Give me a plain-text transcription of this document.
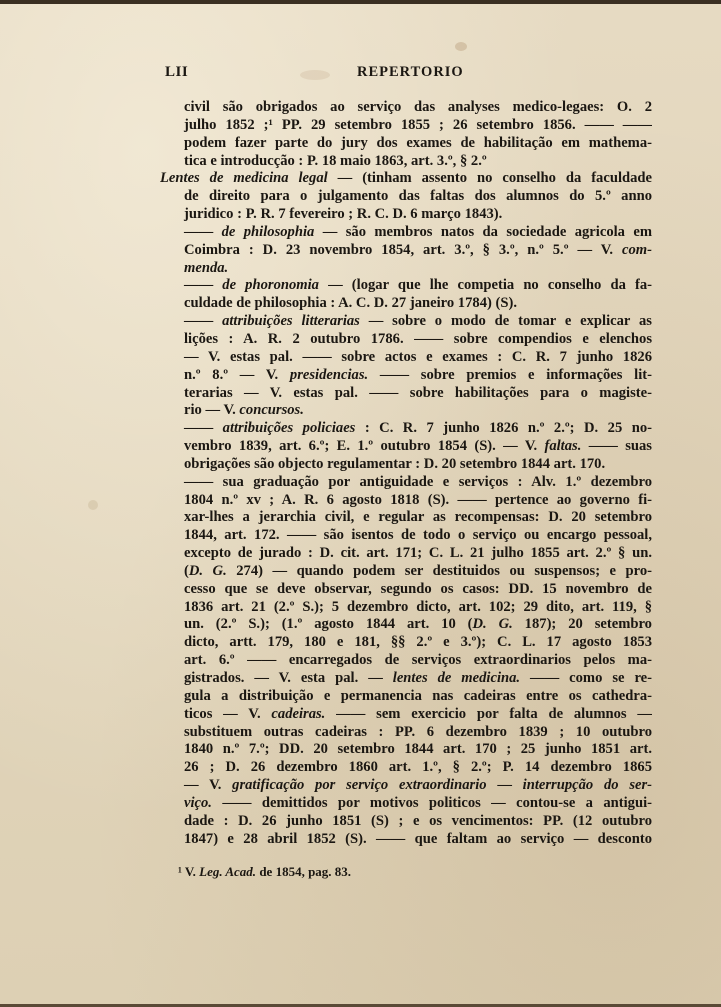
LII	REPERTORIO
civil são obrigados ao serviço das analyses medico-legaes: O. 2
julho 1852 ;¹ PP. 29 setembro 1855 ; 26 setembro 1856. —— ——
podem fazer parte do jury dos exames de habilitação em mathema-
tica e introducção : P. 18 maio 1863, art. 3.º, § 2.º
Lentes de medicina legal — (tinham assento no conselho da faculdade
de direito para o julgamento das faltas dos alumnos do 5.º anno
juridico : P. R. 7 fevereiro ; R. C. D. 6 março 1843).
—— de philosophia — são membros natos da sociedade agricola em
Coimbra : D. 23 novembro 1854, art. 3.º, § 3.º, n.º 5.º — V. com-
menda.
—— de phoronomia — (logar que lhe competia no conselho da fa-
culdade de philosophia : A. C. D. 27 janeiro 1784) (S).
—— attribuições litterarias — sobre o modo de tomar e explicar as
lições : A. R. 2 outubro 1786. —— sobre compendios e elenchos
— V. estas pal. —— sobre actos e exames : C. R. 7 junho 1826
n.º 8.º — V. presidencias. —— sobre premios e informações lit-
terarias — V. estas pal. —— sobre habilitações para o magiste-
rio — V. concursos.
—— attribuições policiaes : C. R. 7 junho 1826 n.º 2.º; D. 25 no-
vembro 1839, art. 6.º; E. 1.º outubro 1854 (S). — V. faltas. —— suas
obrigações são objecto regulamentar : D. 20 setembro 1844 art. 170.
—— sua graduação por antiguidade e serviços : Alv. 1.º dezembro
1804 n.º xv ; A. R. 6 agosto 1818 (S). —— pertence ao governo fi-
xar-lhes a jerarchia civil, e regular as recompensas: D. 20 setembro
1844, art. 172. —— são isentos de todo o serviço ou encargo pessoal,
excepto de jurado : D. cit. art. 171; C. L. 21 julho 1855 art. 2.º § un.
(D. G. 274) — quando podem ser destituidos ou suspensos; e pro-
cesso que se deve observar, segundo os casos: DD. 15 novembro de
1836 art. 21 (2.º S.); 5 dezembro dicto, art. 102; 29 dito, art. 119, §
un. (2.º S.); (1.º agosto 1844 art. 10 (D. G. 187); 20 setembro
dicto, artt. 179, 180 e 181, §§ 2.º e 3.º); C. L. 17 agosto 1853
art. 6.º —— encarregados de serviços extraordinarios pelos ma-
gistrados. — V. esta pal. — lentes de medicina. —— como se re-
gula a distribuição e permanencia nas cadeiras entre os cathedra-
ticos — V. cadeiras. —— sem exercicio por falta de alumnos —
substituem outras cadeiras : PP. 6 dezembro 1839 ; 10 outubro
1840 n.º 7.º; DD. 20 setembro 1844 art. 170 ; 25 junho 1851 art.
26 ; D. 26 dezembro 1860 art. 1.º, § 2.º; P. 14 dezembro 1865
— V. gratificação por serviço extraordinario — interrupção do ser-
viço. —— demittidos por motivos politicos — contou-se a antigui-
dade : D. 26 junho 1851 (S) ; e os vencimentos: PP. (12 outubro
1847) e 28 abril 1852 (S). —— que faltam ao serviço — desconto
¹ V. Leg. Acad. de 1854, pag. 83.
